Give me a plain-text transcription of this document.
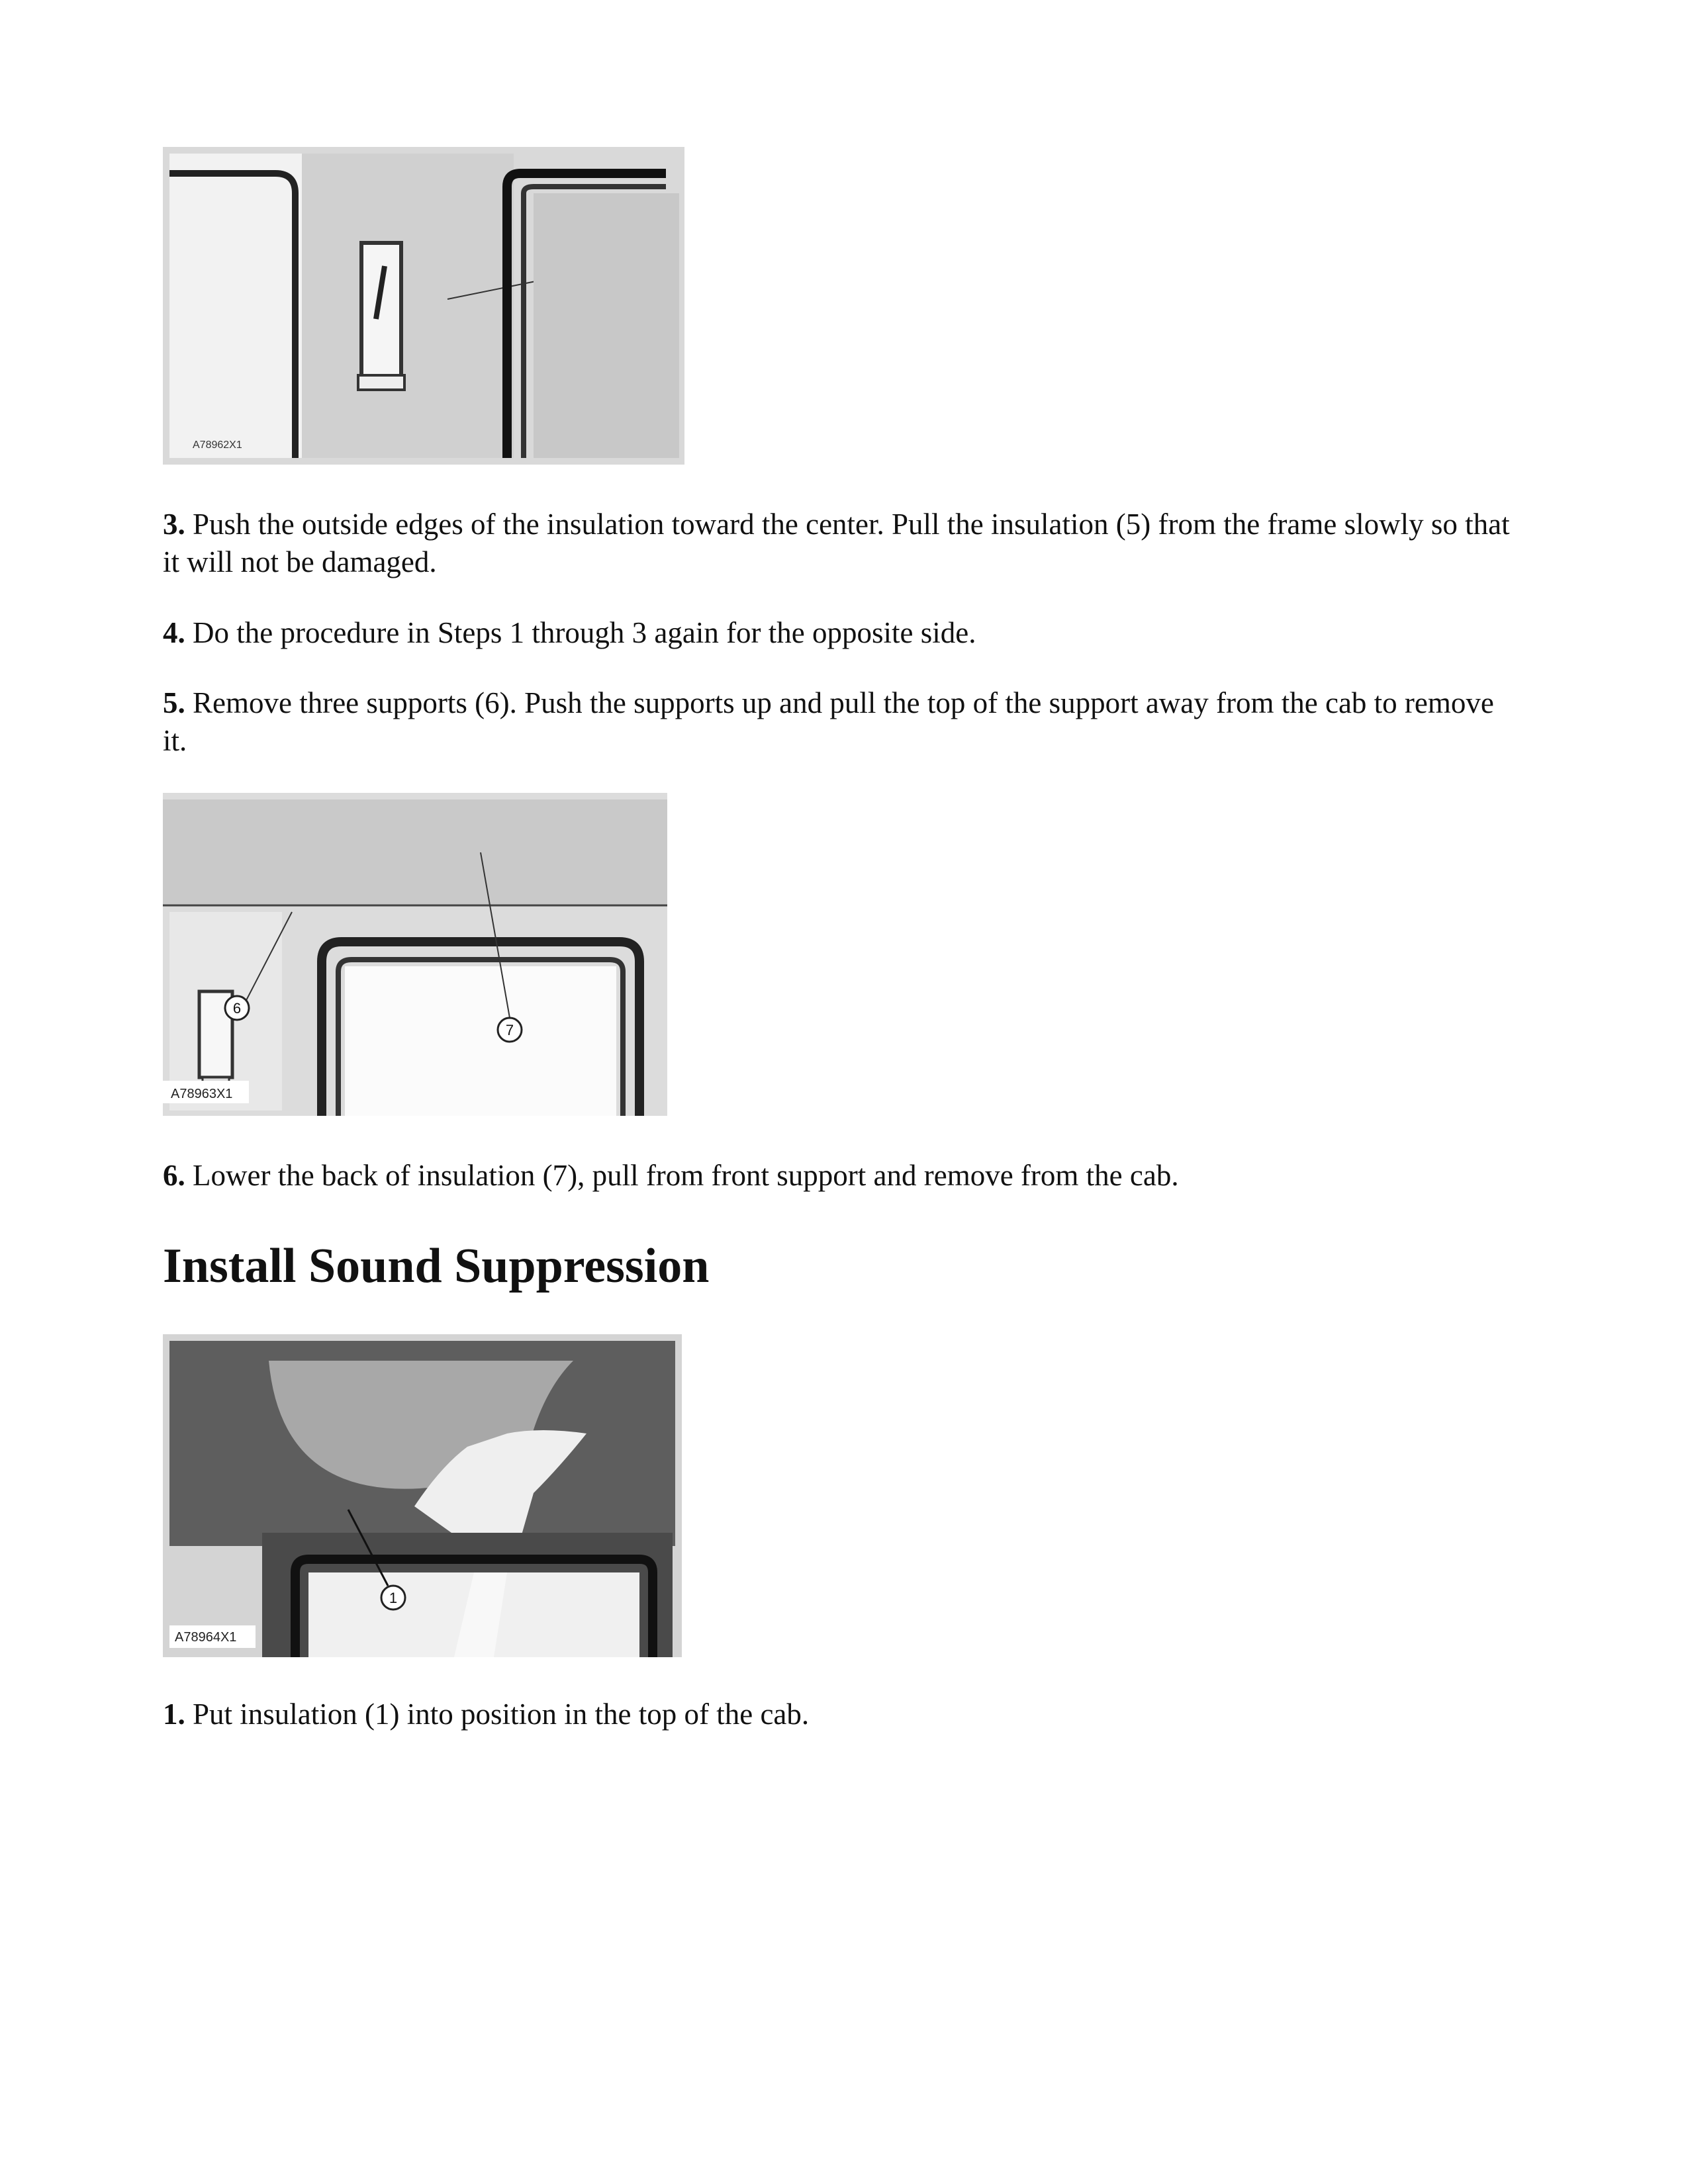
A78962X1

3. Push the outside edges of the insulation toward the center. Pull the insulation (5) from the frame slowly so that it will not be damaged.

4. Do the procedure in Steps 1 through 3 again for the opposite side.

5. Remove three supports (6). Push the supports up and pull the top of the support away from the cab to remove it.

6
7
A78963X1

6. Lower the back of insulation (7), pull from front support and remove from the cab.

Install Sound Suppression
1
A78964X1

1. Put insulation (1) into position in the top of the cab.
